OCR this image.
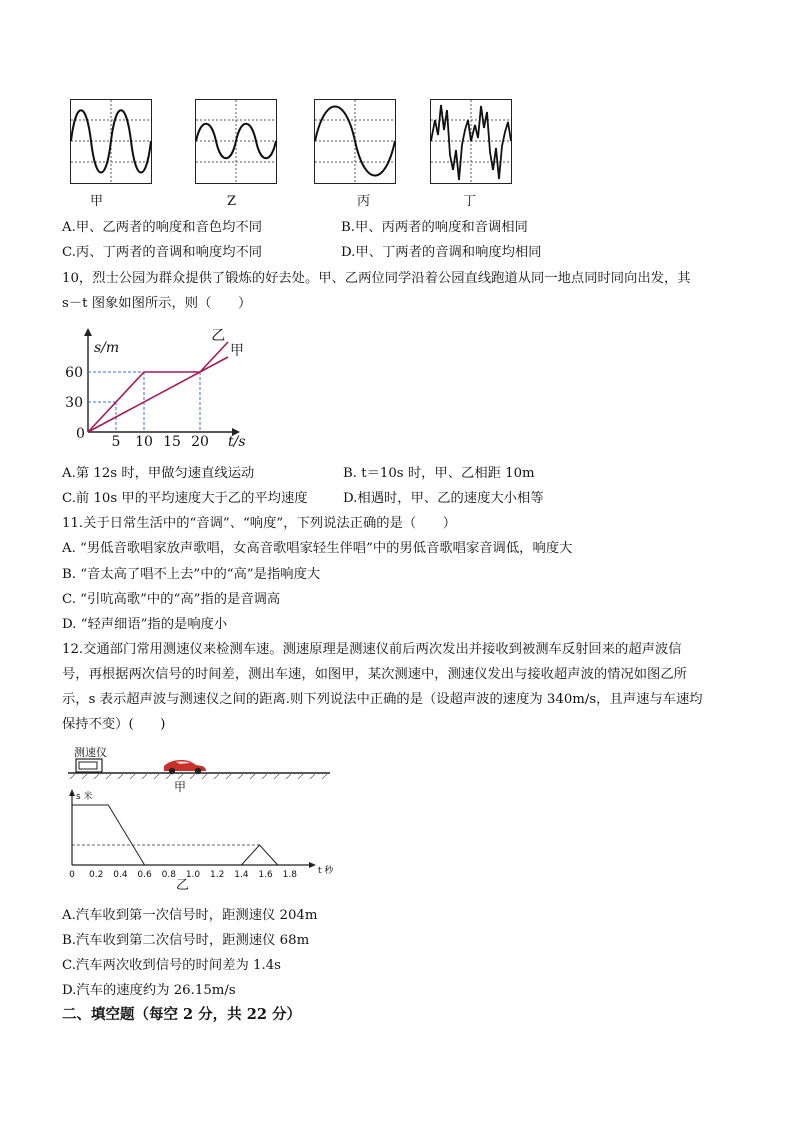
甲	Z	丙	丁
A.甲、乙两者的响度和音色均不同	B.甲、丙两者的响度和音调相同
C.丙、丁两者的音调和响度均不同	D.甲、丁两者的音调和响度均相同
10，烈士公园为群众提供了锻炼的好去处。甲、乙两位同学沿着公园直线跑道从同一地点同时同向出发，其
s－t 图象如图所示，则（　　）
乙
甲
s/m
t/s
0 5 10 15 20
30
60
A.第 12s 时，甲做匀速直线运动	B. t＝10s 时，甲、乙相距 10m
C.前 10s 甲的平均速度大于乙的平均速度	D.相遇时，甲、乙的速度大小相等
11.关于日常生活中的“音调”、“响度”，下列说法正确的是（　　）
A. “男低音歌唱家放声歌唱，女高音歌唱家轻生伴唱”中的男低音歌唱家音调低，响度大
B. “音太高了唱不上去”中的“高”是指响度大
C. “引吭高歌”中的“高”指的是音调高
D. “轻声细语”指的是响度小
12.交通部门常用测速仪来检测车速。测速原理是测速仪前后两次发出并接收到被测车反射回来的超声波信
号，再根据两次信号的时间差，测出车速，如图甲，某次测速中，测速仪发出与接收超声波的情况如图乙所
示，s 表示超声波与测速仪之间的距离.则下列说法中正确的是（设超声波的速度为 340m/s，且声速与车速均
保持不变）(　　)
测速仪
甲
s 米
t 秒
0 0.2 0.4 0.6 0.8 1.0 1.2 1.4 1.6 1.8
乙
A.汽车收到第一次信号时，距测速仪 204m
B.汽车收到第二次信号时，距测速仪 68m
C.汽车两次收到信号的时间差为 1.4s
D.汽车的速度约为 26.15m/s
二、填空题（每空 2 分，共 22 分）
